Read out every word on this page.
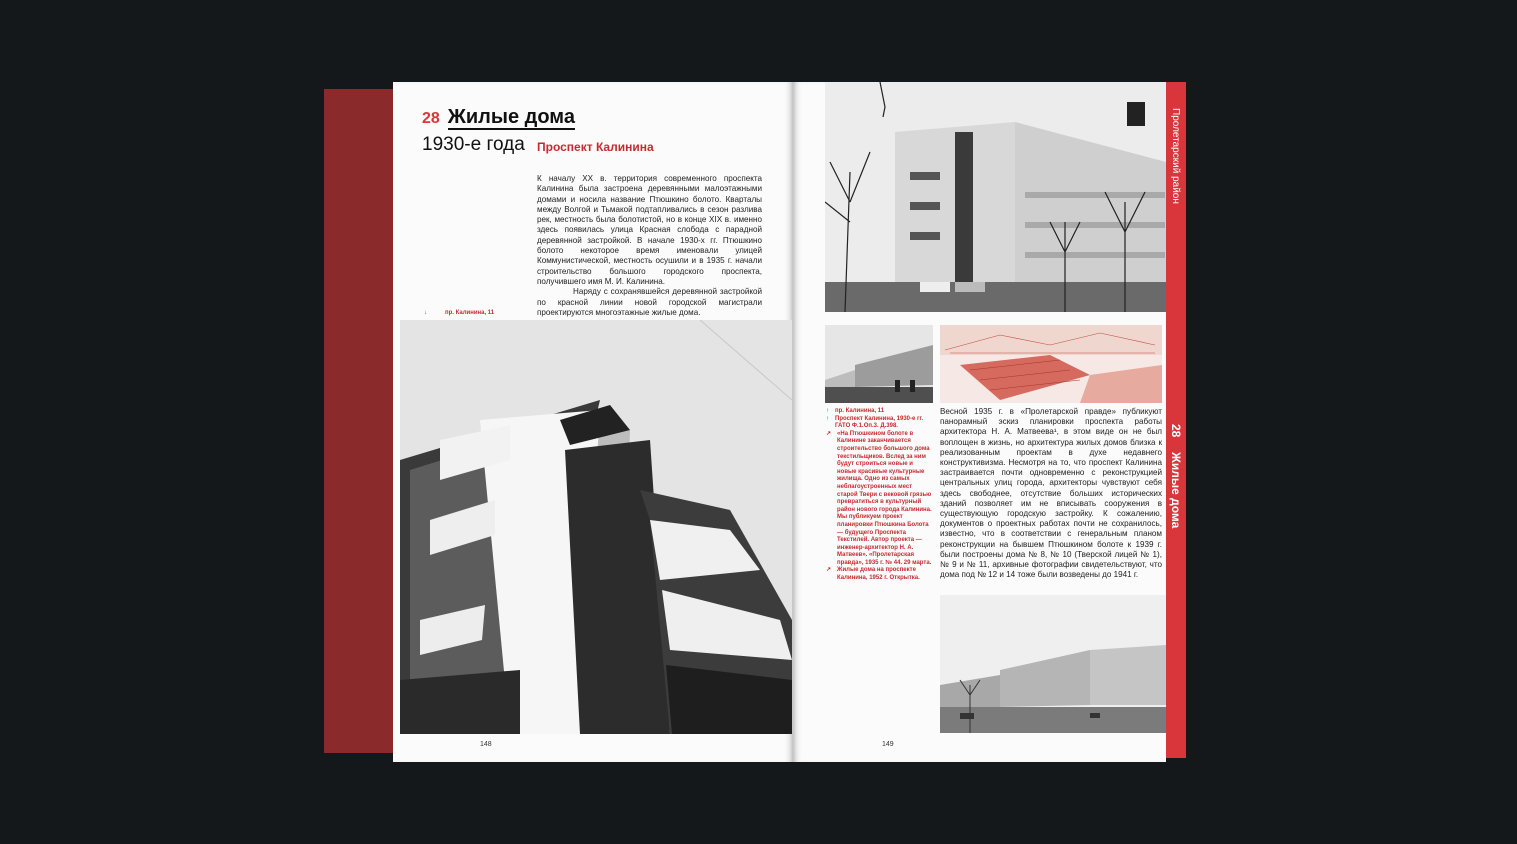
Пролетарский район
28
Жилые дома
28 Жилые дома
1930-е года Проспект Калинина

К началу XX в. территория современного проспекта Калинина была застроена деревянными малоэтажными домами и носила название Птюшкино болото. Кварталы между Волгой и Тьмакой подтапливались в сезон разлива рек, местность была болотистой, но в конце XIX в. именно здесь появилась улица Красная слобода с парадной деревянной застройкой. В начале 1930-х гг. Птюшкино болото некоторое время именовали улицей Коммунистической, местность осушили и в 1935 г. начали строительство большого городского проспекта, получившего имя М. И. Калинина.

Наряду с сохранявшейся деревянной застройкой по красной линии новой городской магистрали проектируются многоэтажные жилые дома.

↓	пр. Калинина, 11
↑ пр. Калинина, 11
↑ Проспект Калинина, 1930-е гг. ГАТО Ф.1.Оп.3. Д.398.
↗ «На Птюшкином болоте в Калинине заканчивается строительство большого дома текстильщиков. Вслед за ним будут строиться новые и новые красивые культурные жилища. Одно из самых неблагоустроенных мест старой Твери с вековой грязью превратиться в культурный район нового города Калинина. Мы публикуем проект планировки Птюшкина Болота — будущего Проспекта Текстилей. Автор проекта — инженер-архитектор Н. А. Матвеев». «Пролетарская правда», 1935 г. № 44. 29 марта.
↗ Жилые дома на проспекте Калинина, 1952 г. Открытка.
Весной 1935 г. в «Пролетарской правде» публикуют панорамный эскиз планировки проспекта работы архитектора Н. А. Матвеева¹, в этом виде он не был воплощен в жизнь, но архитектура жилых домов близка к реализованным проектам в духе недавнего конструктивизма. Несмотря на то, что проспект Калинина застраивается почти одновременно с реконструкцией центральных улиц города, архитекторы чувствуют себя здесь свободнее, отсутствие больших исторических зданий позволяет им не вписывать сооружения в существующую городскую застройку. К сожалению, документов о проектных работах почти не сохранилось, известно, что в соответствии с генеральным планом реконструкции на бывшем Птюшкином болоте к 1939 г. были построены дома № 8, № 10 (Тверской лицей № 1), № 9 и № 11, архивные фотографии свидетельствуют, что дома под № 12 и 14 тоже были возведены до 1941 г.
148	149
